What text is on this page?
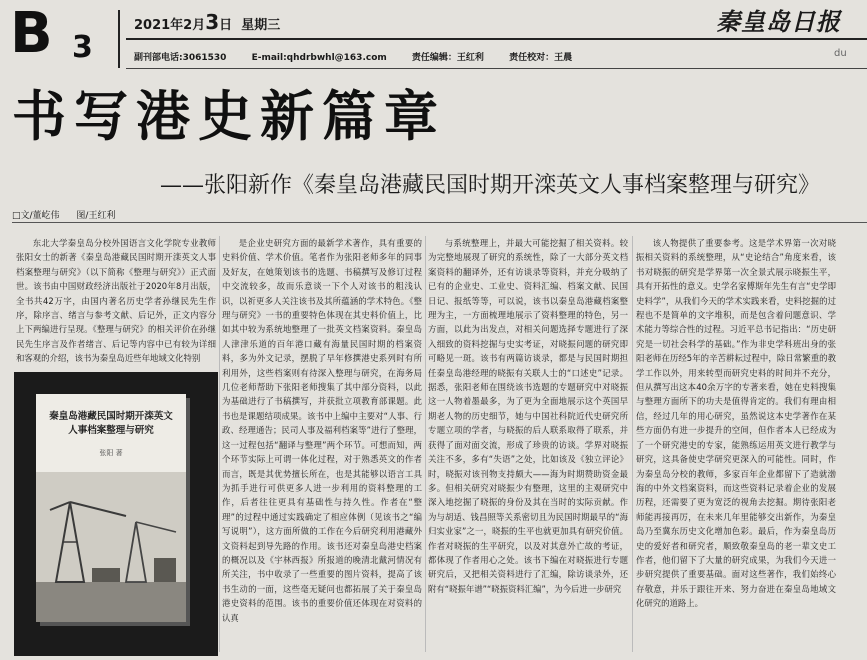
B 3
2021年2月3日 星期三	秦皇岛日报
du
副刊部电话:3061530	E-mail:qhdrbwhl@163.com	责任编辑：王红利	责任校对：王晨
书写港史新篇章
——张阳新作《秦皇岛港藏民国时期开滦英文人事档案整理与研究》
□文/董屹伟 图/王红利

东北大学秦皇岛分校外国语言文化学院专业教师张阳女士的新著《秦皇岛港藏民国时期开滦英文人事档案整理与研究》（以下简称《整理与研究》）正式面世。该书由中国财政经济出版社于2020年8月出版，全书共42万字，由国内著名历史学者孙继民先生作序，除序言、绪言与参考文献、后记外，正文内容分上下两编进行呈现。《整理与研究》的相关评价在孙继民先生序言及作者绪言、后记等内容中已有较为详细和客观的介绍，该书为秦皇岛近些年地域文化特别

是企业史研究方面的最新学术著作，具有重要的史料价值、学术价值。笔者作为张阳老师多年的同事及好友，在她策划该书的选题、书稿撰写及修订过程中交流较多，故而乐意谈一下个人对该书的粗浅认识，以祈更多人关注该书及其所蕴涵的学术特色。《整理与研究》一书的重要特色体现在其史料价值上，比如其中较为系统地整理了一批英文档案资料。秦皇岛人津津乐道的百年港口藏有海量民国时期的档案资料，多为外文记录，摆脱了早年修撰港史系列时有所利用外，这些档案则有待深入整理与研究，在海务局几位老师帮助下张阳老师搜集了其中部分资料，以此为基础进行了书稿撰写，并获批立项教育部课题。此书也是课题结项成果。该书中上编中主要对“人事、行政、经理通告；民司人事及福利档案等”进行了整理，这一过程包括“翻译与整理”两个环节。可想而知，两个环节实际上可谓一体化过程，对于熟悉英文的作者而言，既是其优势擅长所在，也是其能够以语言工具为抓手进行可供更多人进一步利用的资料整理的工作，后者往往更具有基础性与持久性。作者在“整理”的过程中通过实践确定了相应体例（见该书之“编写说明”），这方面所做的工作在今后研究利用港藏外文资料起到导先路的作用。该书还对秦皇岛港史档案的概况以及《宇林西报》所报道的晚清北戴河情况有所关注，书中收录了一些重要的图片资料，提高了该书生动的一面，这些毫无疑问也都拓展了关于秦皇岛港史资料的范围。该书的重要价值还体现在对资料的认真

与系统整理上，并最大可能挖掘了相关资料。较为完整地展现了研究的系统性，除了一大部分英文档案资料的翻译外，还有访谈录等资料，并充分吸纳了已有的企业史、工业史、资料汇编、档案文献、民国日记、报纸等等，可以说，该书以秦皇岛港藏档案整理为主，一方面梳理地展示了资料整理的特色，另一方面，以此为出发点，对相关问题选择专题进行了深入细致的资料挖掘与史实考证，对晓振问题的研究即可略见一斑。该书有两篇访谈录，都是与民国时期担任秦皇岛港经理的晓振有关联人士的“口述史”记录。据悉，张阳老师在围绕该书选题的专题研究中对晓振这一人物着墨最多，为了更为全面地展示这个英国早期老人物的历史细节，她与中国社科院近代史研究所专题立项的学者，与晓振的后人联系取得了联系，并获得了面对面交流，形成了珍贵的访谈。学界对晓振关注不多，多有“失语”之处，比如该及《独立评论》时，晓振对该刊物支持颇大——海为时期赞助资金最多。但相关研究对晓振少有整理，这里的主观研究中深入地挖掘了晓振的身份及其在当时的实际贡献。作为与胡适、钱昌照等关系密切且为民国时期最早的“海归实业家”之一，晓振的生平也就更加具有研究价值。作者对晓振的生平研究，以及对其意外亡故的考证，都体现了作者用心之处。该书下编在对晓振进行专题研究后，又把相关资料进行了汇编，除访谈录外，还附有“晓振年谱”“晓振资料汇编”，为今后进一步研究

该人物提供了重要参考。这是学术界第一次对晓振相关资料的系统整理，从“史论结合”角度来看，该书对晓振的研究是学界第一次全景式展示晓振生平，具有开拓性的意义。史学名家傅斯年先生有言“史学即史料学”，从我们今天的学术实践来看，史料挖掘的过程也不是简单的文字堆积，而是包含着问题意识、学术能力等综合性的过程。习近平总书记指出：“历史研究是一切社会科学的基础。”作为非史学科班出身的张阳老师在历经5年的辛苦耕耘过程中，除日常繁重的教学工作以外，用来转型而研究史料的时间并不充分，但从撰写出这本40余万字的专著来看，她在史料搜集与整理方面所下的功夫是值得肯定的。我们有理由相信，经过几年的用心研究，虽然说这本史学著作在某些方面仍有进一步提升的空间，但作者本人已经成为了一个研究港史的专家，能熟练运用英文进行教学与研究，这具备使史学研究更深入的可能性。同时，作为秦皇岛分校的教师，多家百年企业都留下了造就渤海的中外文档案资料，而这些资料记录着企业的发展历程，还需要了更为宽泛的视角去挖掘。期待张阳老师能再接再厉，在未来几年里能够交出新作，为秦皇岛乃至冀东历史文化增加色彩。最后，作为秦皇岛历史的爱好者和研究者，顺致敬秦皇岛的老一辈文史工作者，他们留下了大量的研究成果，为我们今天进一步研究提供了重要基础。面对这些著作，我们始终心存敬意，并乐于跟往开来、努力奋进在秦皇岛地域文化研究的道路上。

秦皇岛港藏民国时期开滦英文人事档案整理与研究
张阳 著
